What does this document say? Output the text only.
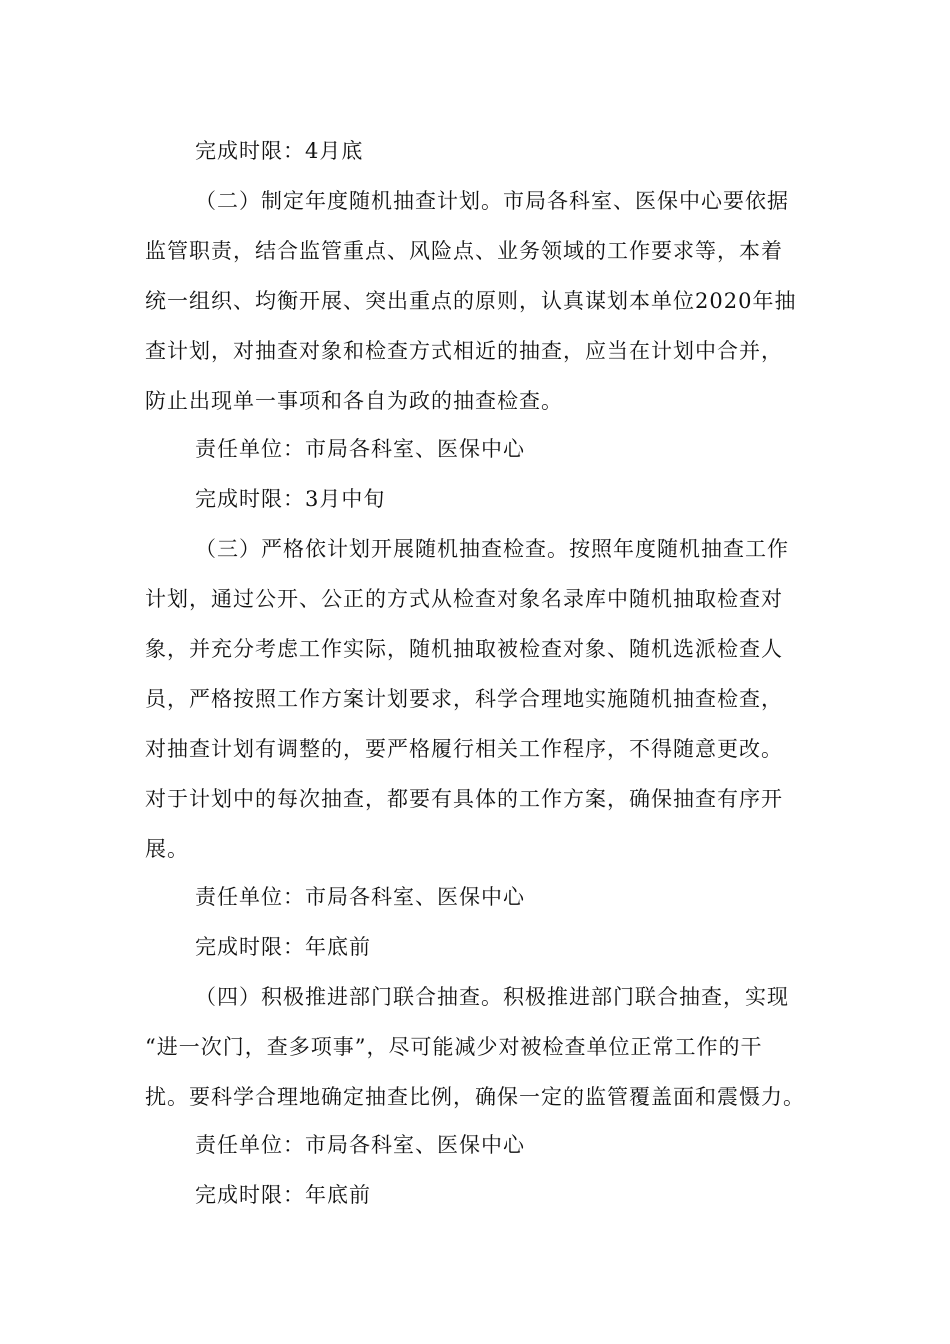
完成时限：4月底
（二）制定年度随机抽查计划。市局各科室、医保中心要依据
监管职责，结合监管重点、风险点、业务领域的工作要求等，本着
统一组织、均衡开展、突出重点的原则，认真谋划本单位2020年抽
查计划，对抽查对象和检查方式相近的抽查，应当在计划中合并，
防止出现单一事项和各自为政的抽查检查。
责任单位：市局各科室、医保中心
完成时限：3月中旬
（三）严格依计划开展随机抽查检查。按照年度随机抽查工作
计划，通过公开、公正的方式从检查对象名录库中随机抽取检查对
象，并充分考虑工作实际，随机抽取被检查对象、随机选派检查人
员，严格按照工作方案计划要求，科学合理地实施随机抽查检查，
对抽查计划有调整的，要严格履行相关工作程序，不得随意更改。
对于计划中的每次抽查，都要有具体的工作方案，确保抽查有序开
展。
责任单位：市局各科室、医保中心
完成时限：年底前
（四）积极推进部门联合抽查。积极推进部门联合抽查，实现
“进一次门，查多项事”，尽可能减少对被检查单位正常工作的干
扰。要科学合理地确定抽查比例，确保一定的监管覆盖面和震慑力。
责任单位：市局各科室、医保中心
完成时限：年底前
